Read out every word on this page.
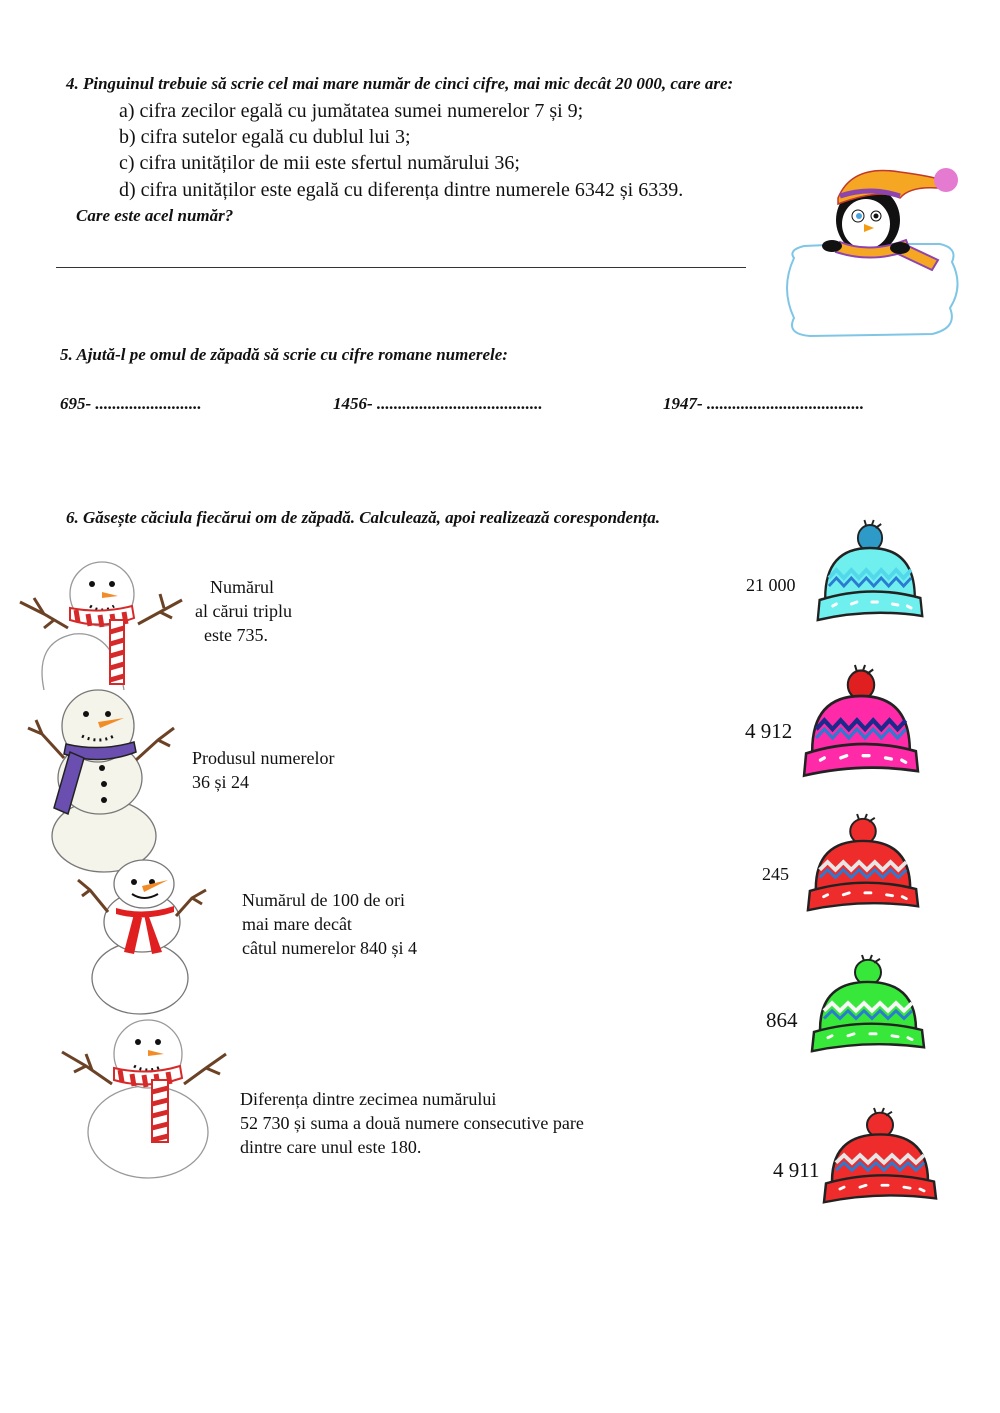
4. Pinguinul trebuie să scrie cel mai mare număr de cinci cifre, mai mic decât 20 000, care are:
a) cifra zecilor egală cu jumătatea sumei numerelor 7 și 9;
b) cifra sutelor egală cu dublul lui 3;
c) cifra unităților de mii este sfertul numărului 36;
d) cifra unităților este egală cu diferența dintre numerele 6342 și 6339.
Care este acel număr?
5. Ajută-l pe omul de zăpadă să scrie cu cifre romane numerele:
695- .........................	1456- .......................................	1947- .....................................
6. Găsește căciula fiecărui om de zăpadă. Calculează, apoi realizează corespondența.
Numărul
al cărui triplu
este 735.
Produsul numerelor
36 și 24
Numărul de 100 de ori
mai mare decât
câtul numerelor 840 și 4
Diferența dintre zecimea numărului
52 730 și suma a două numere consecutive pare
dintre care unul este 180.
21 000
4 912
245
864
4 911
